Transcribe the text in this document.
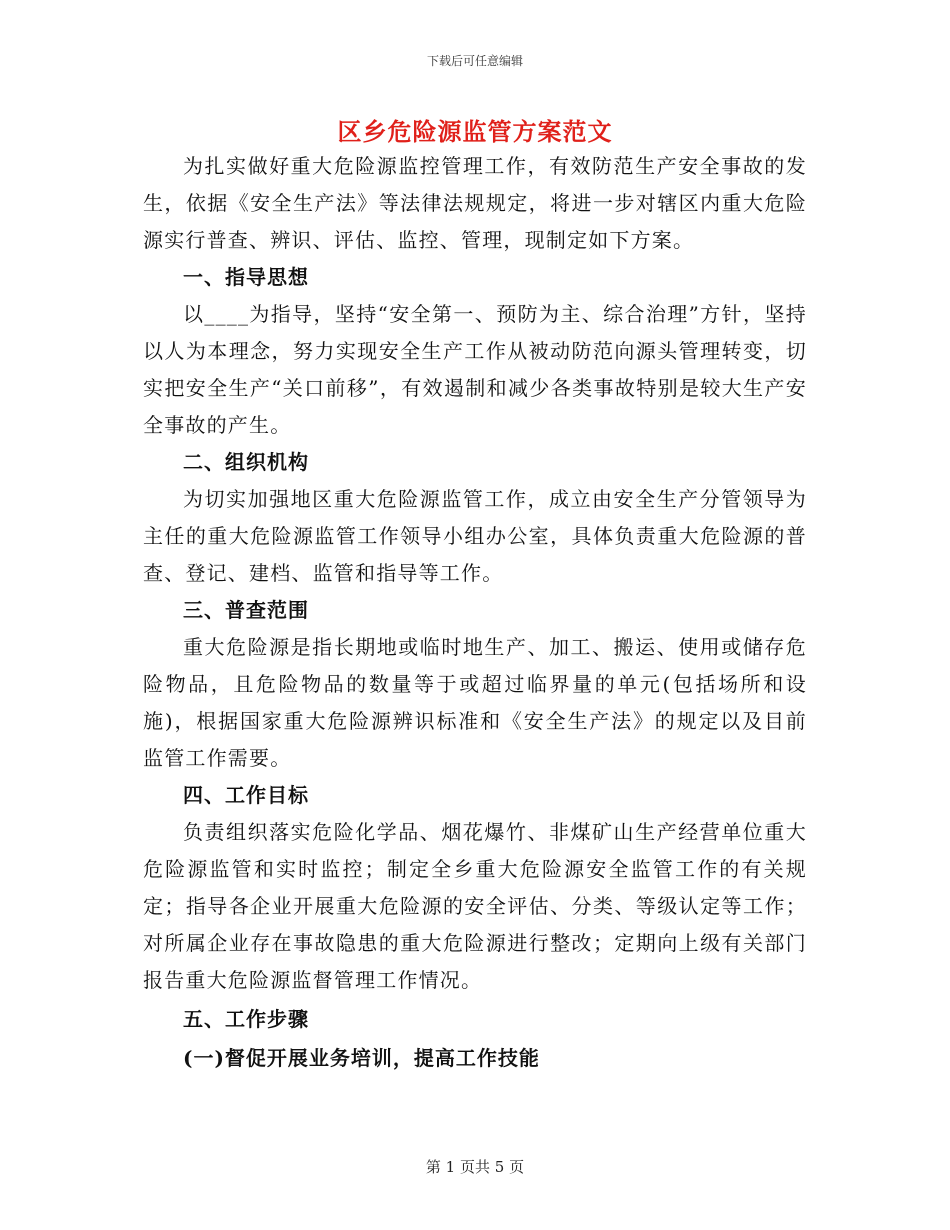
下载后可任意编辑
区乡危险源监管方案范文

为扎实做好重大危险源监控管理工作，有效防范生产安全事故的发生，依据《安全生产法》等法律法规规定，将进一步对辖区内重大危险源实行普查、辨识、评估、监控、管理，现制定如下方案。

一、指导思想

以____为指导，坚持“安全第一、预防为主、综合治理”方针，坚持以人为本理念，努力实现安全生产工作从被动防范向源头管理转变，切实把安全生产“关口前移”，有效遏制和减少各类事故特别是较大生产安全事故的产生。

二、组织机构

为切实加强地区重大危险源监管工作，成立由安全生产分管领导为主任的重大危险源监管工作领导小组办公室，具体负责重大危险源的普查、登记、建档、监管和指导等工作。

三、普查范围

重大危险源是指长期地或临时地生产、加工、搬运、使用或储存危险物品，且危险物品的数量等于或超过临界量的单元(包括场所和设施)，根据国家重大危险源辨识标准和《安全生产法》的规定以及目前监管工作需要。

四、工作目标

负责组织落实危险化学品、烟花爆竹、非煤矿山生产经营单位重大危险源监管和实时监控；制定全乡重大危险源安全监管工作的有关规定；指导各企业开展重大危险源的安全评估、分类、等级认定等工作；对所属企业存在事故隐患的重大危险源进行整改；定期向上级有关部门报告重大危险源监督管理工作情况。

五、工作步骤

(一)督促开展业务培训，提高工作技能

第 1 页共 5 页
